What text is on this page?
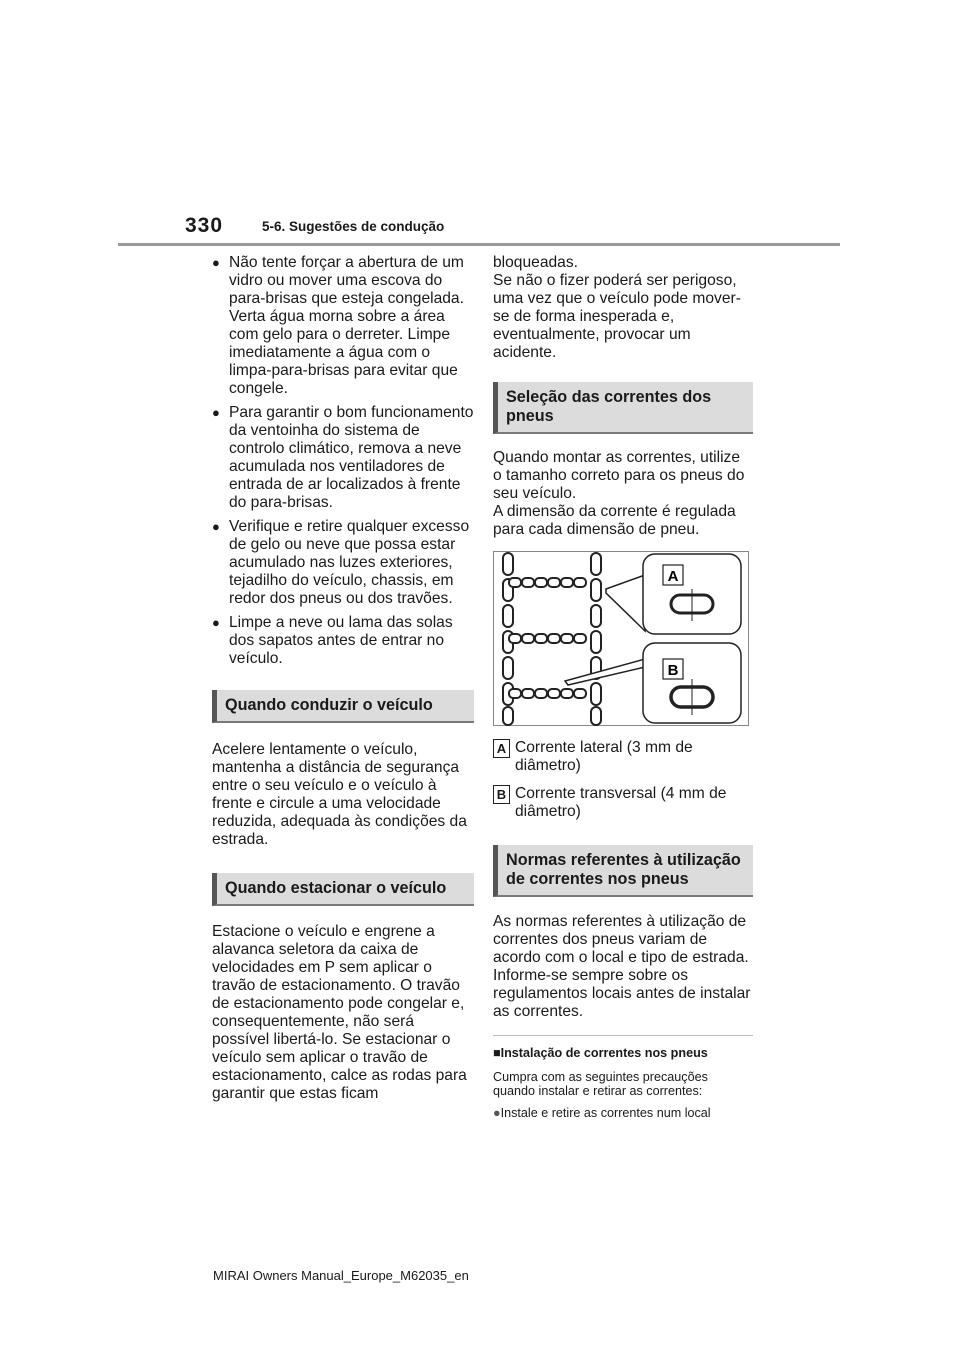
330	5-6. Sugestões de condução
● Não tente forçar a abertura de um vidro ou mover uma escova do para-brisas que esteja congelada. Verta água morna sobre a área com gelo para o derreter. Limpe imediatamente a água com o limpa-para-brisas para evitar que congele.
● Para garantir o bom funcionamento da ventoinha do sistema de controlo climático, remova a neve acumulada nos ventiladores de entrada de ar localizados à frente do para-brisas.
● Verifique e retire qualquer excesso de gelo ou neve que possa estar acumulado nas luzes exteriores, tejadilho do veículo, chassis, em redor dos pneus ou dos travões.
● Limpe a neve ou lama das solas dos sapatos antes de entrar no veículo.
Quando conduzir o veículo

Acelere lentamente o veículo, mantenha a distância de segurança entre o seu veículo e o veículo à frente e circule a uma velocidade reduzida, adequada às condições da estrada.

Quando estacionar o veículo

Estacione o veículo e engrene a alavanca seletora da caixa de velocidades em P sem aplicar o travão de estacionamento. O travão de estacionamento pode congelar e, consequentemente, não será possível libertá-lo. Se estacionar o veículo sem aplicar o travão de estacionamento, calce as rodas para garantir que estas ficam

bloqueadas.
Se não o fizer poderá ser perigoso, uma vez que o veículo pode mover-se de forma inesperada e, eventualmente, provocar um acidente.

Seleção das correntes dos pneus

Quando montar as correntes, utilize o tamanho correto para os pneus do seu veículo.
A dimensão da corrente é regulada para cada dimensão de pneu.

A
B
A Corrente lateral (3 mm de diâmetro)
B Corrente transversal (4 mm de diâmetro)
Normas referentes à utilização de correntes nos pneus

As normas referentes à utilização de correntes dos pneus variam de acordo com o local e tipo de estrada. Informe-se sempre sobre os regulamentos locais antes de instalar as correntes.

■Instalação de correntes nos pneus
Cumpra com as seguintes precauções quando instalar e retirar as correntes:
●Instale e retire as correntes num local
MIRAI Owners Manual_Europe_M62035_en
